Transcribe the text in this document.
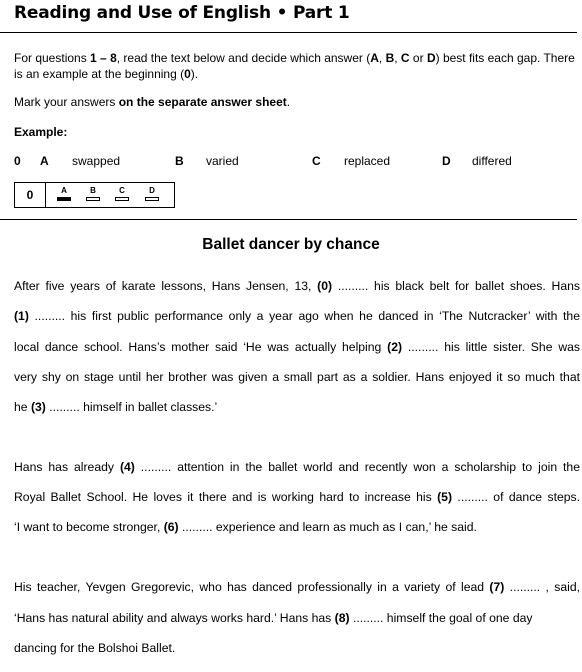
Reading and Use of English • Part 1
For questions 1 – 8, read the text below and decide which answer (A, B, C or D) best fits each gap. There is an example at the beginning (0).
Mark your answers on the separate answer sheet.
Example:
0 A swapped	B varied	C replaced	D differed
0	A	B	C	D
Ballet dancer by chance
After five years of karate lessons, Hans Jensen, 13, (0) ......... his black belt for ballet shoes. Hans
(1) ......... his first public performance only a year ago when he danced in ‘The Nutcracker’ with the
local dance school. Hans’s mother said ‘He was actually helping (2) ......... his little sister. She was
very shy on stage until her brother was given a small part as a soldier. Hans enjoyed it so much that
he (3) ......... himself in ballet classes.’
Hans has already (4) ......... attention in the ballet world and recently won a scholarship to join the
Royal Ballet School. He loves it there and is working hard to increase his (5) ......... of dance steps.
‘I want to become stronger, (6) ......... experience and learn as much as I can,’ he said.
His teacher, Yevgen Gregorevic, who has danced professionally in a variety of lead (7) ......... , said,
‘Hans has natural ability and always works hard.’ Hans has (8) ......... himself the goal of one day
dancing for the Bolshoi Ballet.
